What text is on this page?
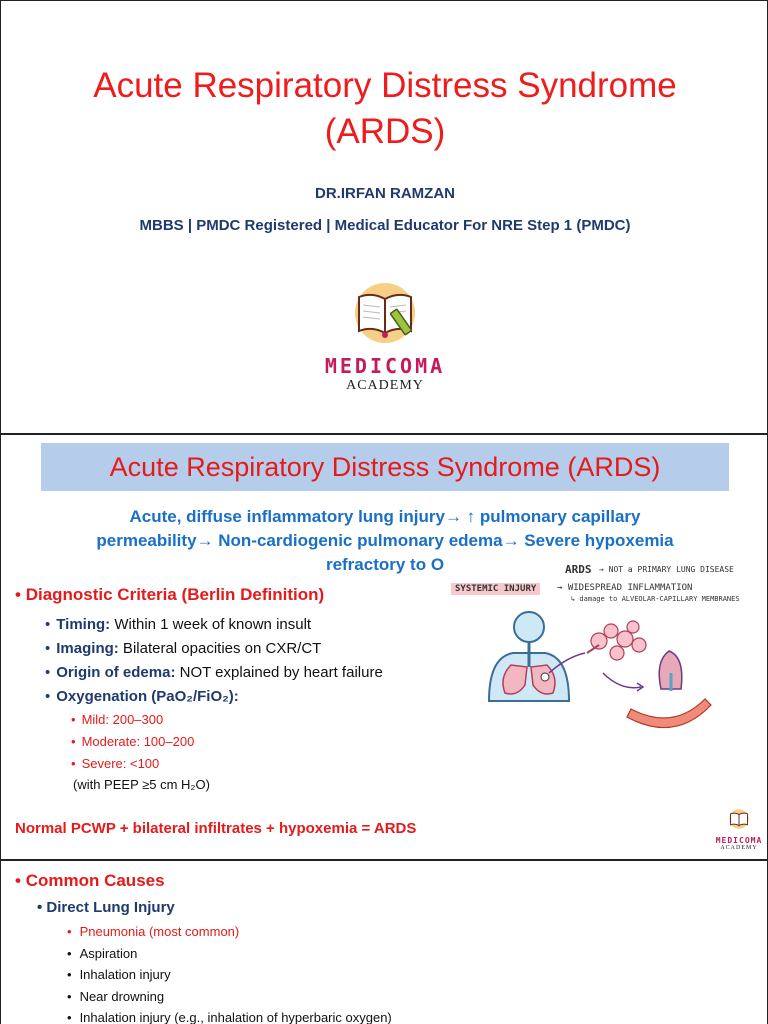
Acute Respiratory Distress Syndrome
(ARDS)
DR.IRFAN RAMZAN
MBBS | PMDC Registered | Medical Educator For NRE Step 1 (PMDC)
MEDICOMA
ACADEMY
Acute Respiratory Distress Syndrome (ARDS)
Acute, diffuse inflammatory lung injury→ ↑ pulmonary capillary
permeability→ Non-cardiogenic pulmonary edema→ Severe hypoxemia
refractory to O
• Diagnostic Criteria (Berlin Definition)
• Timing: Within 1 week of known insult
• Imaging: Bilateral opacities on CXR/CT
• Origin of edema: NOT explained by heart failure
• Oxygenation (PaO₂/FiO₂):
• Mild: 200–300
• Moderate: 100–200
• Severe: <100
(with PEEP ≥5 cm H₂O)
ARDS → NOT a PRIMARY LUNG DISEASE
SYSTEMIC INJURY	→ WIDESPREAD INFLAMMATION
↳ damage to ALVEOLAR-CAPILLARY MEMBRANES
Normal PCWP + bilateral infiltrates + hypoxemia = ARDS
MEDICOMA
ACADEMY
• Common Causes
• Direct Lung Injury
• Pneumonia (most common)
• Aspiration
• Inhalation injury
• Near drowning
• Inhalation injury (e.g., inhalation of hyperbaric oxygen)
